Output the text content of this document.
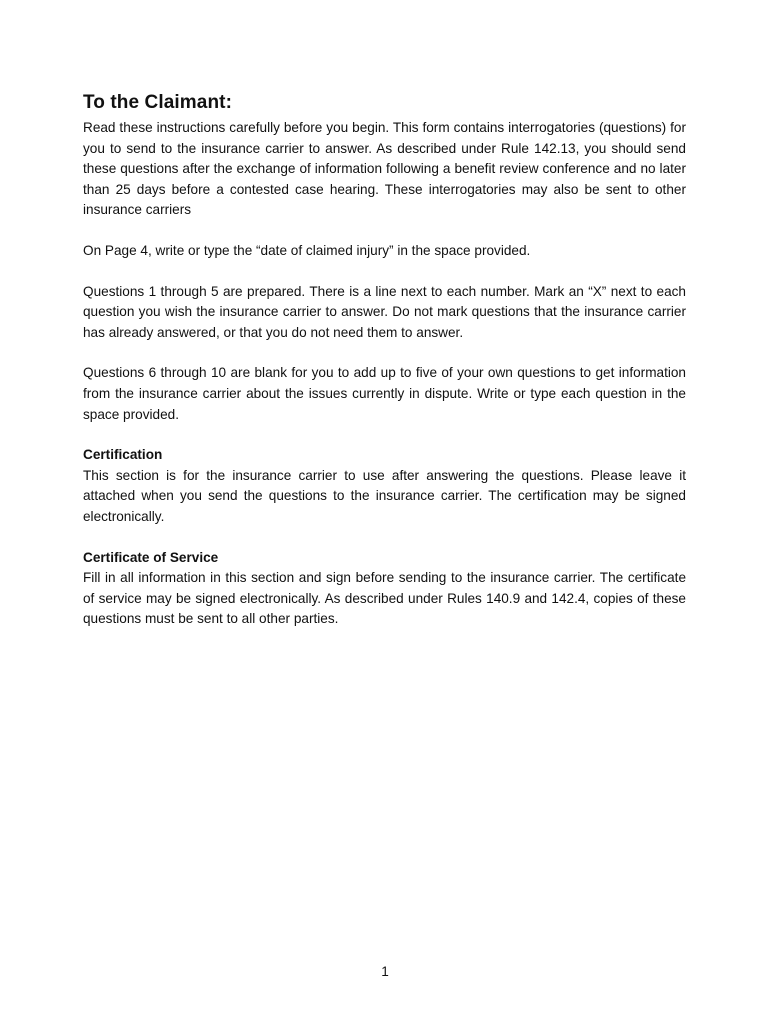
To the Claimant:

Read these instructions carefully before you begin. This form contains interrogatories (questions) for you to send to the insurance carrier to answer. As described under Rule 142.13, you should send these questions after the exchange of information following a benefit review conference and no later than 25 days before a contested case hearing. These interrogatories may also be sent to other insurance carriers

On Page 4, write or type the “date of claimed injury” in the space provided.

Questions 1 through 5 are prepared. There is a line next to each number. Mark an “X” next to each question you wish the insurance carrier to answer. Do not mark questions that the insurance carrier has already answered, or that you do not need them to answer.

Questions 6 through 10 are blank for you to add up to five of your own questions to get information from the insurance carrier about the issues currently in dispute. Write or type each question in the space provided.

Certification

This section is for the insurance carrier to use after answering the questions. Please leave it attached when you send the questions to the insurance carrier. The certification may be signed electronically.

Certificate of Service

Fill in all information in this section and sign before sending to the insurance carrier. The certificate of service may be signed electronically. As described under Rules 140.9 and 142.4, copies of these questions must be sent to all other parties.

1
